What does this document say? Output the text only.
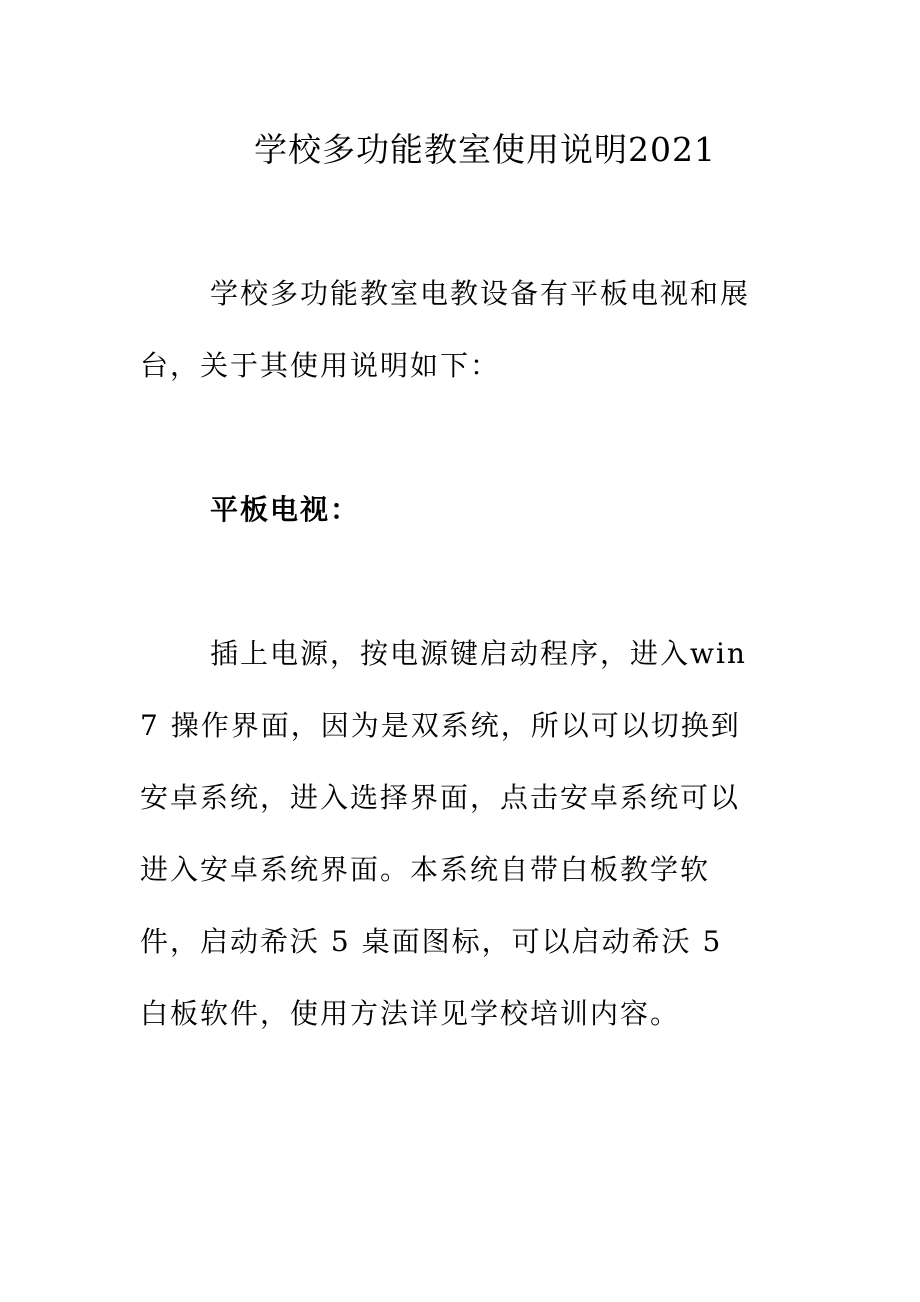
学校多功能教室使用说明2021

学校多功能教室电教设备有平板电视和展台，关于其使用说明如下：

平板电视：

插上电源，按电源键启动程序，进入win7 操作界面，因为是双系统，所以可以切换到安卓系统，进入选择界面，点击安卓系统可以进入安卓系统界面。本系统自带白板教学软件，启动希沃 5 桌面图标，可以启动希沃 5 白板软件，使用方法详见学校培训内容。
